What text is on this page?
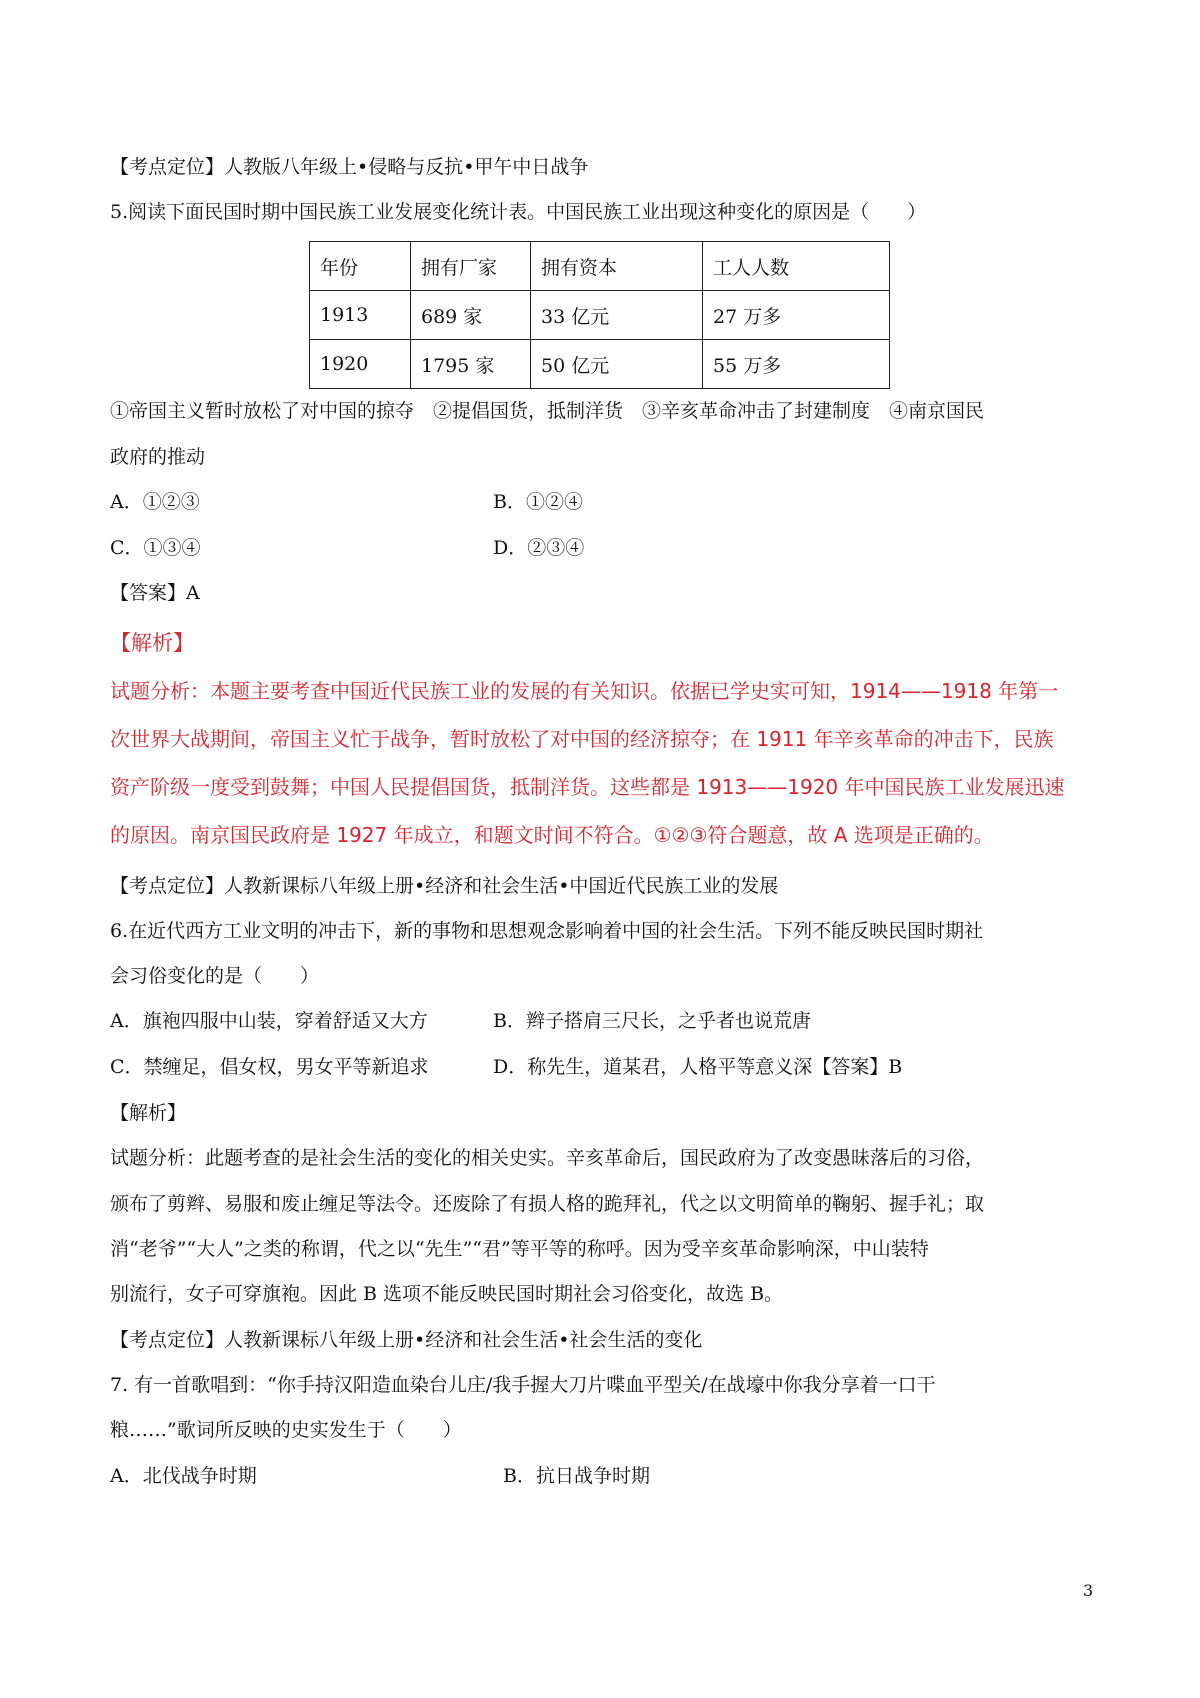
【考点定位】人教版八年级上•侵略与反抗•甲午中日战争
5.阅读下面民国时期中国民族工业发展变化统计表。中国民族工业出现这种变化的原因是（　　）
年份	拥有厂家	拥有资本	工人人数
1913	689 家	33 亿元	27 万多
1920	1795 家	50 亿元	55 万多
①帝国主义暂时放松了对中国的掠夺　②提倡国货，抵制洋货　③辛亥革命冲击了封建制度　④南京国民
政府的推动
A．①②③	B．①②④
C．①③④	D．②③④
【答案】A
【解析】
试题分析：本题主要考查中国近代民族工业的发展的有关知识。依据已学史实可知，1914——1918 年第一
次世界大战期间，帝国主义忙于战争，暂时放松了对中国的经济掠夺；在 1911 年辛亥革命的冲击下，民族
资产阶级一度受到鼓舞；中国人民提倡国货，抵制洋货。这些都是 1913——1920 年中国民族工业发展迅速
的原因。南京国民政府是 1927 年成立，和题文时间不符合。①②③符合题意，故 A 选项是正确的。
【考点定位】人教新课标八年级上册•经济和社会生活•中国近代民族工业的发展
6.在近代西方工业文明的冲击下，新的事物和思想观念影响着中国的社会生活。下列不能反映民国时期社
会习俗变化的是（　　）
A．旗袍四服中山装，穿着舒适又大方	B．辫子搭肩三尺长，之乎者也说荒唐
C．禁缠足，倡女权，男女平等新追求	D．称先生，道某君，人格平等意义深【答案】B
【解析】
试题分析：此题考查的是社会生活的变化的相关史实。辛亥革命后，国民政府为了改变愚昧落后的习俗，
颁布了剪辫、易服和废止缠足等法令。还废除了有损人格的跪拜礼，代之以文明简单的鞠躬、握手礼；取
消“老爷”“大人”之类的称谓，代之以“先生”“君”等平等的称呼。因为受辛亥革命影响深，中山装特
别流行，女子可穿旗袍。因此 B 选项不能反映民国时期社会习俗变化，故选 B。
【考点定位】人教新课标八年级上册•经济和社会生活•社会生活的变化
7. 有一首歌唱到：“你手持汉阳造血染台儿庄/我手握大刀片喋血平型关/在战壕中你我分享着一口干
粮……”歌词所反映的史实发生于（　　）
A．北伐战争时期	B．抗日战争时期
3
